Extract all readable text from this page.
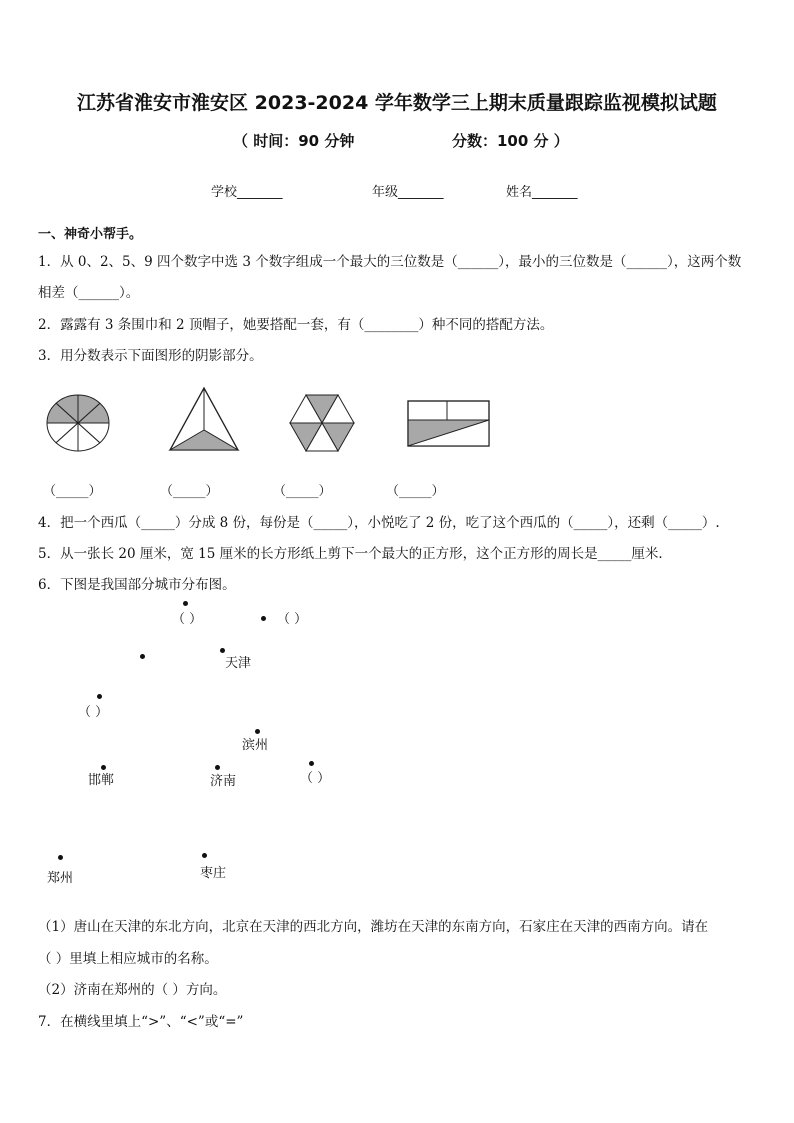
江苏省淮安市淮安区 2023-2024 学年数学三上期末质量跟踪监视模拟试题
（ 时间：90 分钟	分数：100 分 ）
学校_______	年级_______	姓名_______
一、神奇小帮手。
1．从 0、2、5、9 四个数字中选 3 个数字组成一个最大的三位数是（______），最小的三位数是（______），这两个数
相差（______）。
2．露露有 3 条围巾和 2 顶帽子，她要搭配一套，有（________）种不同的搭配方法。
3．用分数表示下面图形的阴影部分。
（_____）	（_____）	（_____）	（_____）
4．把一个西瓜（_____）分成 8 份，每份是（_____），小悦吃了 2 份，吃了这个西瓜的（_____），还剩（_____）.
5．从一张长 20 厘米，宽 15 厘米的长方形纸上剪下一个最大的正方形，这个正方形的周长是_____厘米．
6．下图是我国部分城市分布图。
（ ）	（ ）
天津
（ ）
滨州
邯郸	济南	（ ）
郑州	枣庄
（1）唐山在天津的东北方向，北京在天津的西北方向，潍坊在天津的东南方向，石家庄在天津的西南方向。请在
（ ）里填上相应城市的名称。
（2）济南在郑州的（ ）方向。
7．在横线里填上“>”、“<”或“=”
